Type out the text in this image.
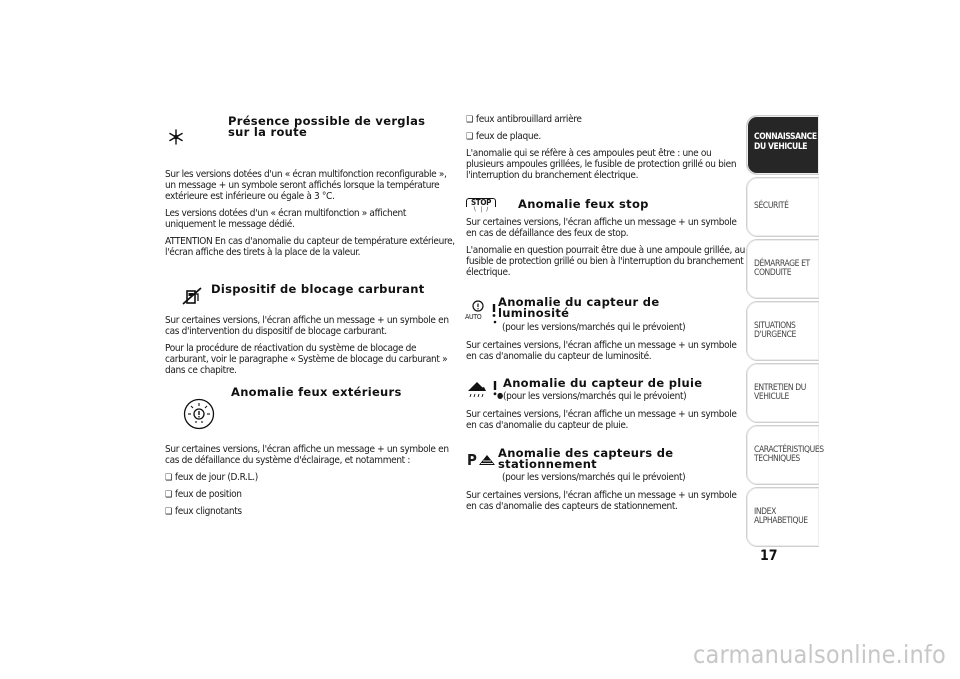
Présence possible de verglas sur la route

Sur les versions dotées d'un « écran multifonction reconfigurable », un message + un symbole seront affichés lorsque la température extérieure est inférieure ou égale à 3 °C.

Les versions dotées d'un « écran multifonction » affichent uniquement le message dédié.

ATTENTION En cas d'anomalie du capteur de température extérieure, l'écran affiche des tirets à la place de la valeur.

Dispositif de blocage carburant

Sur certaines versions, l'écran affiche un message + un symbole en cas d'intervention du dispositif de blocage carburant.

Pour la procédure de réactivation du système de blocage de carburant, voir le paragraphe « Système de blocage du carburant » dans ce chapitre.

Anomalie feux extérieurs

Sur certaines versions, l'écran affiche un message + un symbole en cas de défaillance du système d'éclairage, et notamment :

❏ feux de jour (D.R.L.)
❏ feux de position
❏ feux clignotants
❏ feux antibrouillard arrière
❏ feux de plaque.

L'anomalie qui se réfère à ces ampoules peut être : une ou plusieurs ampoules grillées, le fusible de protection grillé ou bien l'interruption du branchement électrique.

STOP
∖ ∣ ∕	Anomalie feux stop

Sur certaines versions, l'écran affiche un message + un symbole en cas de défaillance des feux de stop.

L'anomalie en question pourrait être due à une ampoule grillée, au fusible de protection grillé ou bien à l'interruption du branchement électrique.

AUTO
Anomalie du capteur de luminosité
(pour les versions/marchés qui le prévoient)

Sur certaines versions, l'écran affiche un message + un symbole en cas d'anomalie du capteur de luminosité.

●
Anomalie du capteur de pluie
(pour les versions/marchés qui le prévoient)

Sur certaines versions, l'écran affiche un message + un symbole en cas d'anomalie du capteur de pluie.

P Anomalie des capteurs de stationnement
(pour les versions/marchés qui le prévoient)

Sur certaines versions, l'écran affiche un message + un symbole en cas d'anomalie des capteurs de stationnement.

CONNAISSANCE
DU VEHICULE
SÉCURITÉ
DÉMARRAGE ET
CONDUITE
SITUATIONS
D'URGENCE
ENTRETIEN DU
VEHICULE
CARACTÉRISTIQUES
TECHNIQUES
INDEX
ALPHABETIQUE
17
carmanualsonline.info
